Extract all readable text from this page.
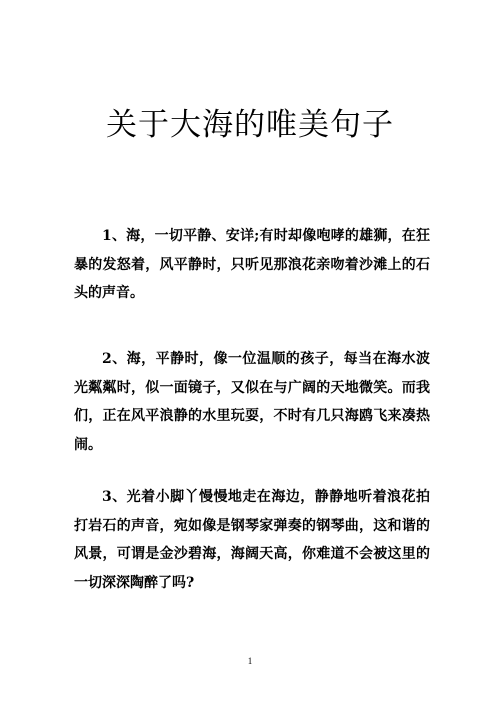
关于大海的唯美句子

1、海，一切平静、安详;有时却像咆哮的雄狮，在狂暴的发怒着，风平静时，只听见那浪花亲吻着沙滩上的石头的声音。

2、海，平静时，像一位温顺的孩子，每当在海水波光粼粼时，似一面镜子，又似在与广阔的天地微笑。而我们，正在风平浪静的水里玩耍，不时有几只海鸥飞来凑热闹。

3、光着小脚丫慢慢地走在海边，静静地听着浪花拍打岩石的声音，宛如像是钢琴家弹奏的钢琴曲，这和谐的风景，可谓是金沙碧海，海阔天高，你难道不会被这里的一切深深陶醉了吗?

1
